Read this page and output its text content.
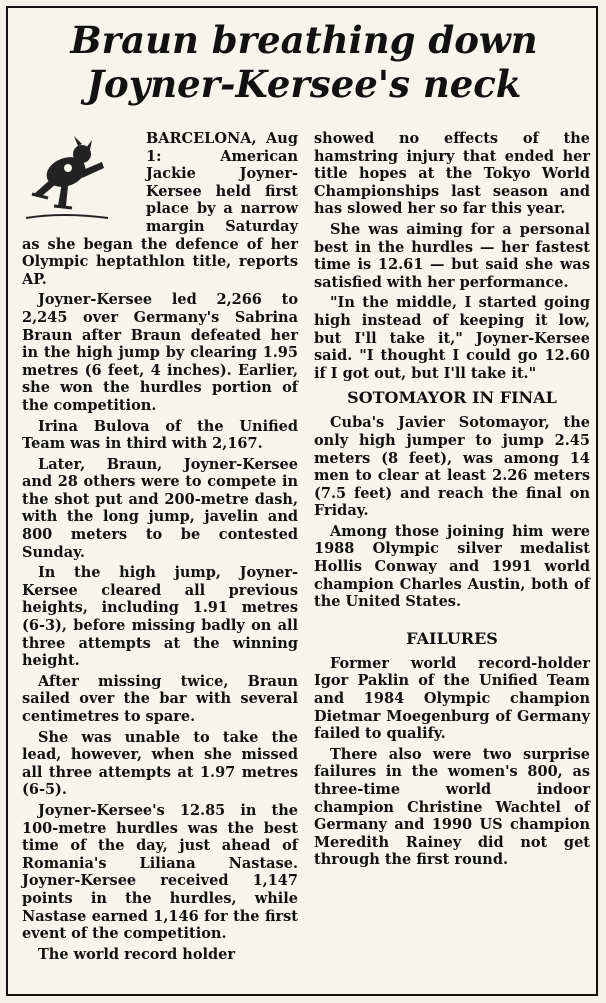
Braun breathing down
Joyner-Kersee's neck

BARCELONA, Aug 1:	American Jackie Joyner-Kersee held first place by a narrow margin Saturday as she began the defence of her Olympic heptathlon title, reports AP.

Joyner-Kersee led 2,266 to 2,245 over Germany's Sabrina Braun after Braun defeated her in the high jump by clearing 1.95 metres (6 feet, 4 inches). Earlier, she won the hurdles portion of the competition.

Irina Bulova of the Unified Team was in third with 2,167.

Later, Braun, Joyner-Kersee and 28 others were to compete in the shot put and 200-metre dash, with the long jump, javelin and 800 meters to be contested Sunday.

In the high jump, Joyner-Kersee cleared all previous heights, including 1.91 metres (6-3), before missing badly on all three attempts at the winning height.

After missing twice, Braun sailed over the bar with several centimetres to spare.

She was unable to take the lead, however, when she missed all three attempts at 1.97 metres (6-5).

Joyner-Kersee's 12.85 in the 100-metre hurdles was the best time of the day, just ahead of Romania's Liliana Nastase. Joyner-Kersee received 1,147 points in the hurdles, while Nastase earned 1,146 for the first event of the competition.

The world record holder

showed no effects of the hamstring injury that ended her title hopes at the Tokyo World Championships last season and has slowed her so far this year.

She was aiming for a personal best in the hurdles — her fastest time is 12.61 — but said she was satisfied with her performance.

"In the middle, I started going high instead of keeping it low, but I'll take it," Joyner-Kersee said. "I thought I could go 12.60 if I got out, but I'll take it."

SOTOMAYOR IN FINAL

Cuba's Javier Sotomayor, the only high jumper to jump 2.45 meters (8 feet), was among 14 men to clear at least 2.26 meters (7.5 feet) and reach the final on Friday.

Among those joining him were 1988 Olympic silver medalist Hollis Conway and 1991 world champion Charles Austin, both of the United States.

FAILURES

Former world record-holder Igor Paklin of the Unified Team and 1984 Olympic champion Dietmar Moegenburg of Germany failed to qualify.

There also were two surprise failures in the women's 800, as three-time world indoor champion Christine Wachtel of Germany and 1990 US champion Meredith Rainey did not get through the first round.
